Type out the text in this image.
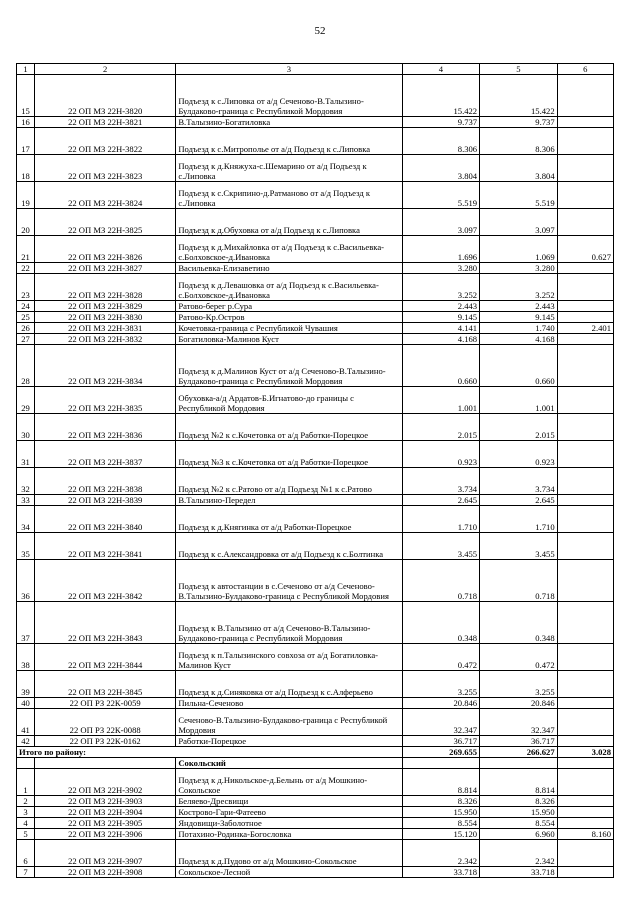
52
1	2	3	4	5	6
15	22 ОП МЗ 22Н-3820	Подъезд к с.Липовка от а/д Сеченово-В.Талызино-Булдаково-граница с Республикой Мордовия	15.422	15.422	
16	22 ОП МЗ 22Н-3821	В.Талызино-Богатиловка	9.737	9.737	
17	22 ОП МЗ 22Н-3822	Подъезд к с.Митрополье от а/д Подъезд к с.Липовка	8.306	8.306	
18	22 ОП МЗ 22Н-3823	Подъезд к д.Княжуха-с.Шемарино от а/д Подъезд к с.Липовка	3.804	3.804	
19	22 ОП МЗ 22Н-3824	Подъезд к с.Скрипино-д.Ратманово от а/д Подъезд к с.Липовка	5.519	5.519	
20	22 ОП МЗ 22Н-3825	Подъезд к д.Обуховка от а/д Подъезд к с.Липовка	3.097	3.097	
21	22 ОП МЗ 22Н-3826	Подъезд к д.Михайловка от а/д Подъезд к с.Васильевка-с.Болховское-д.Ивановка	1.696	1.069	0.627
22	22 ОП МЗ 22Н-3827	Васильевка-Елизаветино	3.280	3.280	
23	22 ОП МЗ 22Н-3828	Подъезд к д.Левашовка от а/д Подъезд к с.Васильевка-с.Болховское-д.Ивановка	3.252	3.252	
24	22 ОП МЗ 22Н-3829	Ратово-берег р.Сура	2.443	2.443	
25	22 ОП МЗ 22Н-3830	Ратово-Кр.Остров	9.145	9.145	
26	22 ОП МЗ 22Н-3831	Кочетовка-граница с Республикой Чувашия	4.141	1.740	2.401
27	22 ОП МЗ 22Н-3832	Богатиловка-Малинов Куст	4.168	4.168	
28	22 ОП МЗ 22Н-3834	Подъезд к д.Малинов Куст от а/д Сеченово-В.Талызино-Булдаково-граница с Республикой Мордовия	0.660	0.660	
29	22 ОП МЗ 22Н-3835	Обуховка-а/д Ардатов-Б.Игнатово-до границы с Республикой Мордовия	1.001	1.001	
30	22 ОП МЗ 22Н-3836	Подъезд №2 к с.Кочетовка от а/д Работки-Порецкое	2.015	2.015	
31	22 ОП МЗ 22Н-3837	Подъезд №3 к с.Кочетовка от а/д Работки-Порецкое	0.923	0.923	
32	22 ОП МЗ 22Н-3838	Подъезд №2 к с.Ратово от а/д Подъезд №1 к с.Ратово	3.734	3.734	
33	22 ОП МЗ 22Н-3839	В.Талызино-Передел	2.645	2.645	
34	22 ОП МЗ 22Н-3840	Подъезд к д.Княгинка от а/д Работки-Порецкое	1.710	1.710	
35	22 ОП МЗ 22Н-3841	Подъезд к с.Александровка от а/д Подъезд к с.Болтинка	3.455	3.455	
36	22 ОП МЗ 22Н-3842	Подъезд к автостанции в с.Сеченово от а/д Сеченово-В.Талызино-Булдаково-граница с Республикой Мордовия	0.718	0.718	
37	22 ОП МЗ 22Н-3843	Подъезд к В.Талызино от а/д Сеченово-В.Талызино-Булдаково-граница с Республикой Мордовия	0.348	0.348	
38	22 ОП МЗ 22Н-3844	Подъезд к п.Талызинского совхоза от а/д Богатиловка-Малинов Куст	0.472	0.472	
39	22 ОП МЗ 22Н-3845	Подъезд к д.Синяковка от а/д Подъезд к с.Алферьево	3.255	3.255	
40	22 ОП РЗ 22К-0059	Пильна-Сеченово	20.846	20.846	
41	22 ОП РЗ 22К-0088	Сеченово-В.Талызино-Булдаково-граница с Республикой Мордовия	32.347	32.347	
42	22 ОП РЗ 22К-0162	Работки-Порецкое	36.717	36.717	
Итого по району:			269.655	266.627	3.028
		Сокольский			
1	22 ОП МЗ 22Н-3902	Подъезд к д.Никольское-д.Белынь от а/д Мошкино-Сокольское	8.814	8.814	
2	22 ОП МЗ 22Н-3903	Беляево-Дресвищи	8.326	8.326	
3	22 ОП МЗ 22Н-3904	Кострово-Гари-Фатеево	15.950	15.950	
4	22 ОП МЗ 22Н-3905	Яндовищи-Заболотное	8.554	8.554	
5	22 ОП МЗ 22Н-3906	Потахино-Родинка-Богословка	15.120	6.960	8.160
6	22 ОП МЗ 22Н-3907	Подъезд к д.Пудово от а/д Мошкино-Сокольское	2.342	2.342	
7	22 ОП МЗ 22Н-3908	Сокольское-Лесной	33.718	33.718	
